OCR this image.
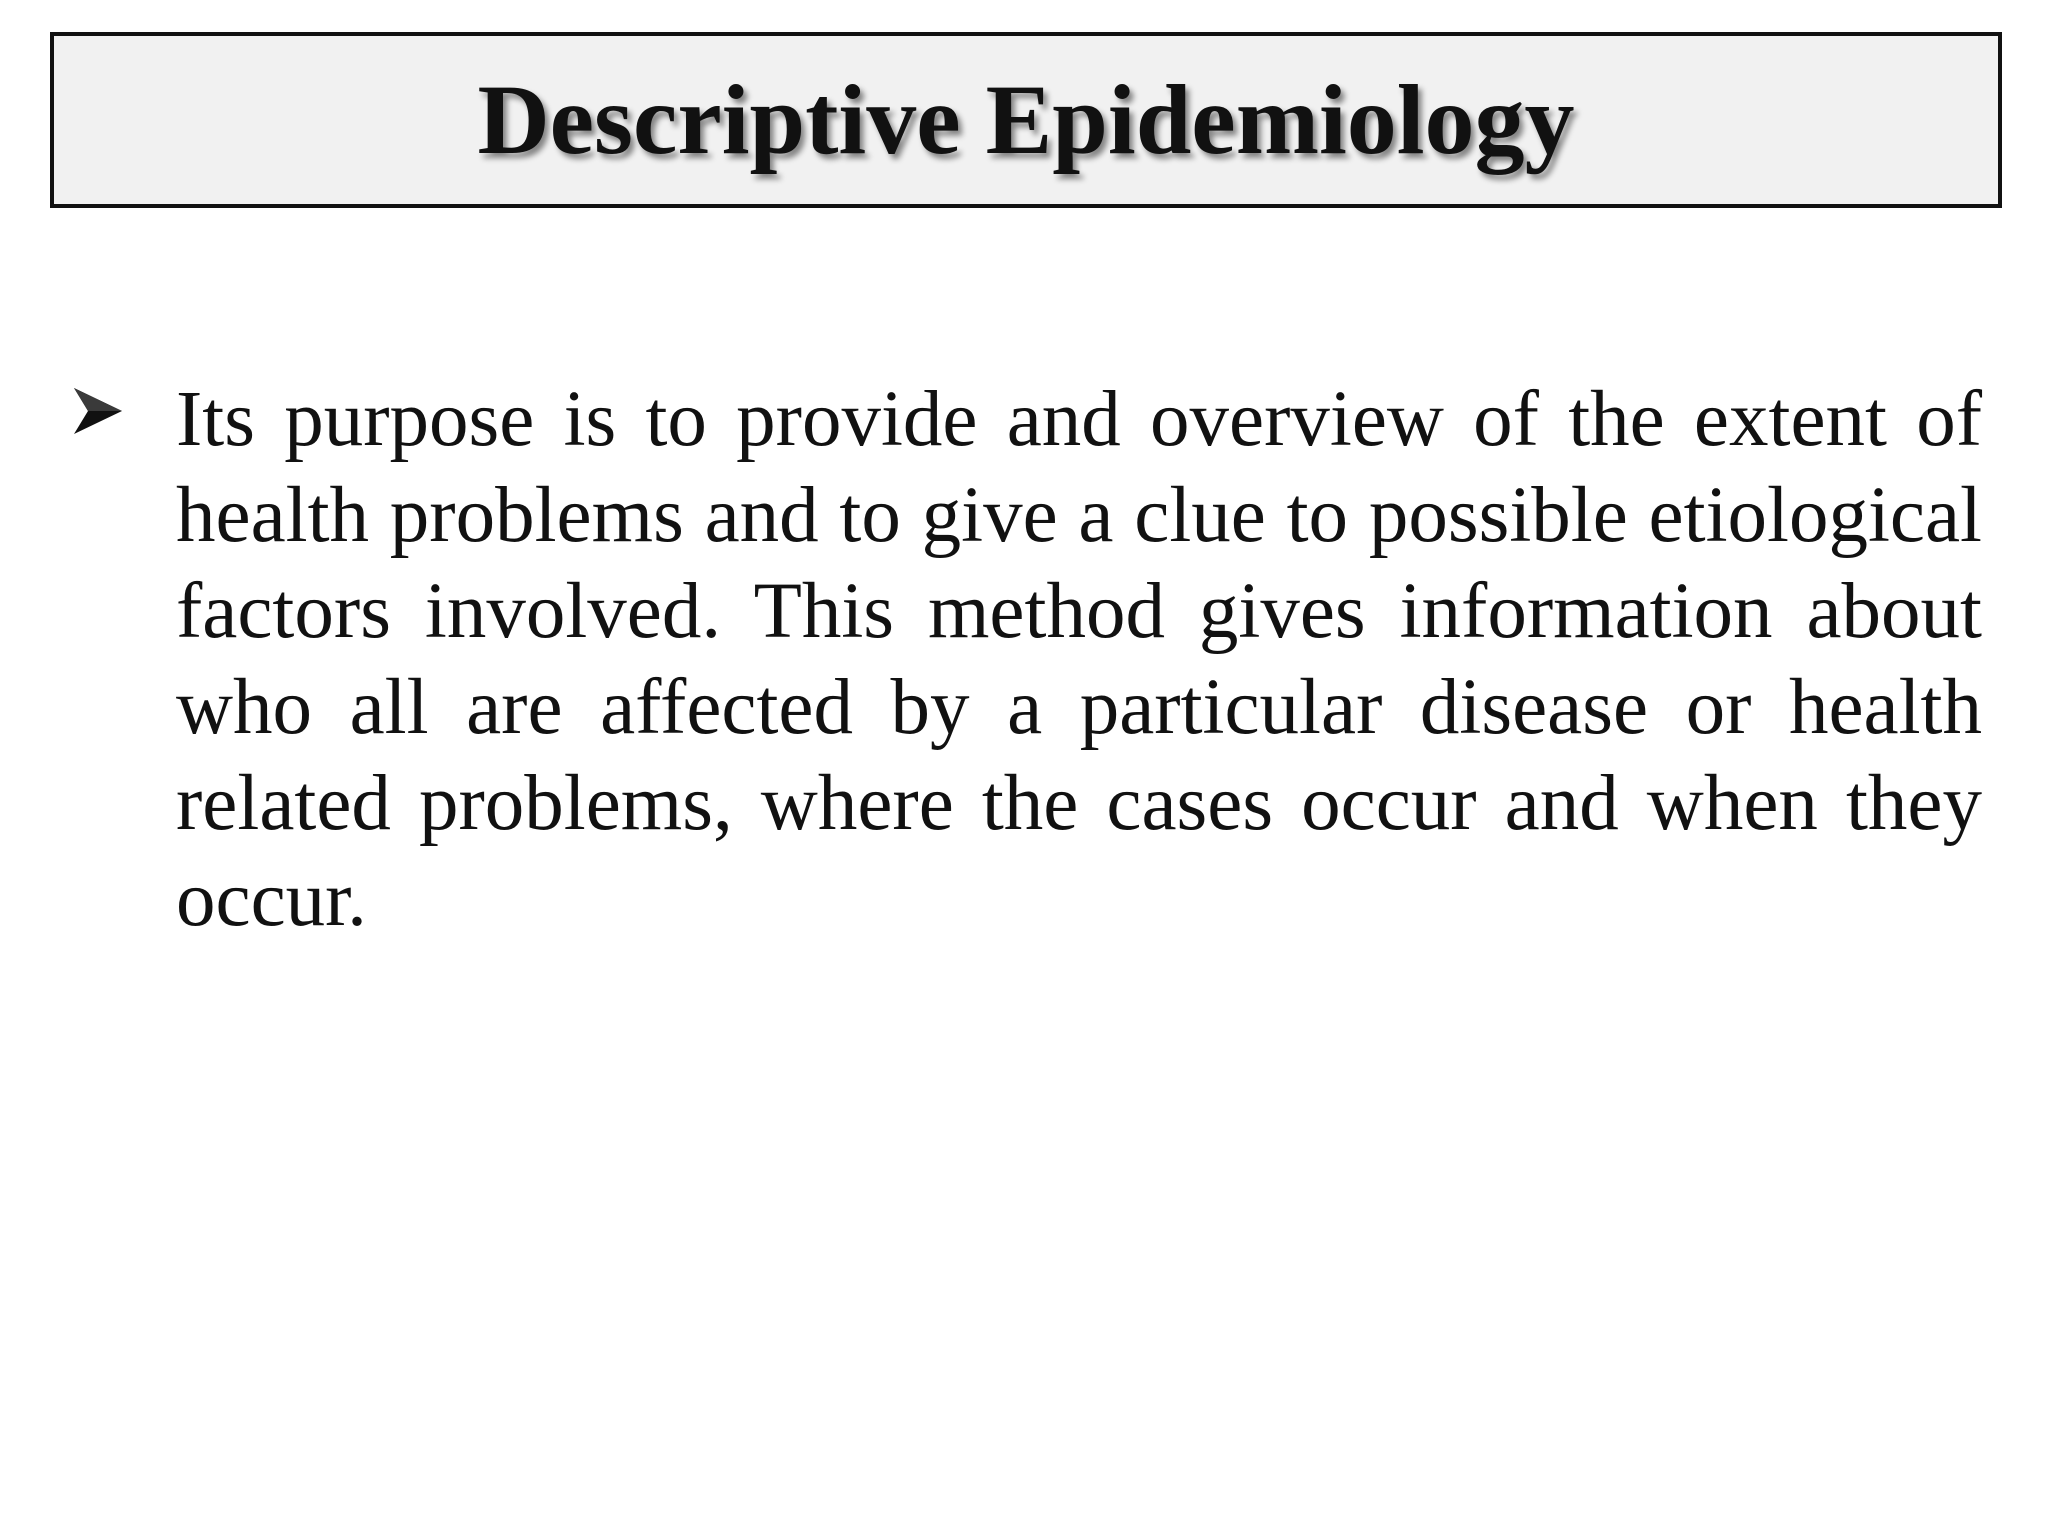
Descriptive Epidemiology

Its purpose is to provide and overview of the extent of health problems and to give a clue to possible etiological factors involved. This method gives information about who all are affected by a particular disease or health related problems, where the cases occur and when they occur.
